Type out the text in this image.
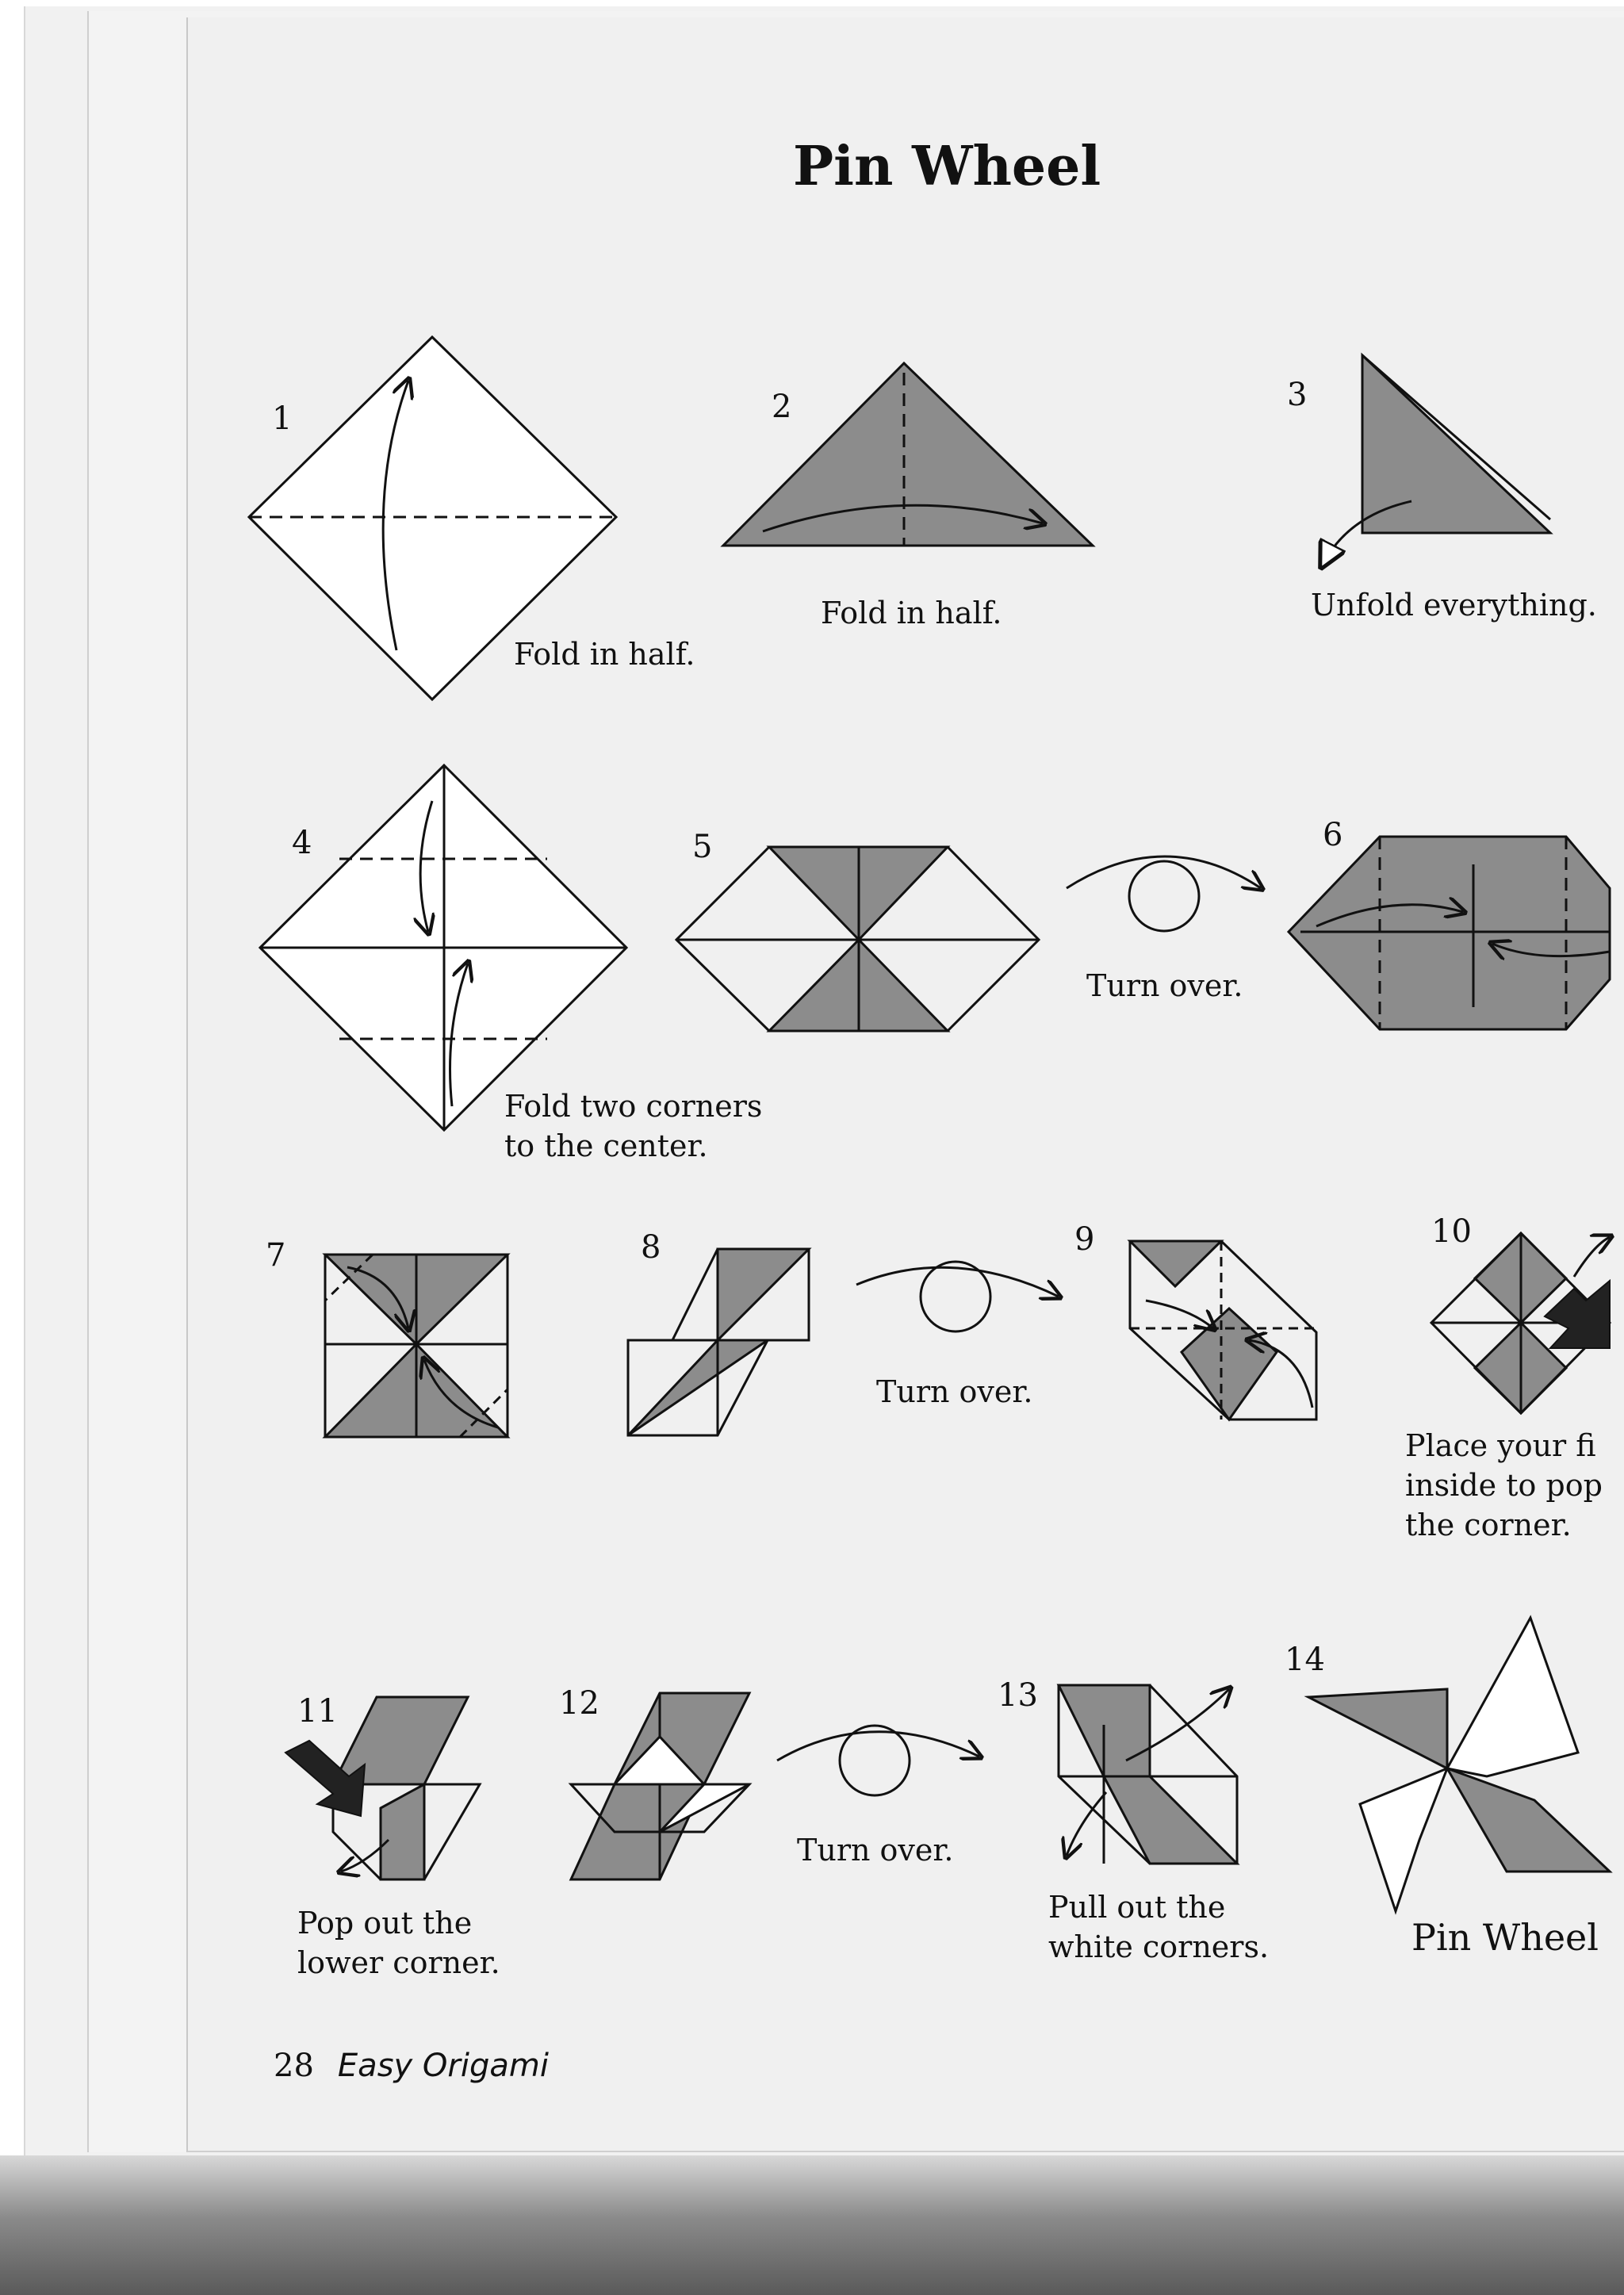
Pin Wheel
1
Fold in half.
2
Fold in half.
3
Unfold everything.
4
Fold two corners
to the center.
5
Turn over.
6
7	8
Turn over.
9	10
Place your fi
inside to pop
the corner.
11
Pop out the
lower corner.
12
Turn over.
13
Pull out the
white corners.
14
Pin Wheel
28 Easy Origami
